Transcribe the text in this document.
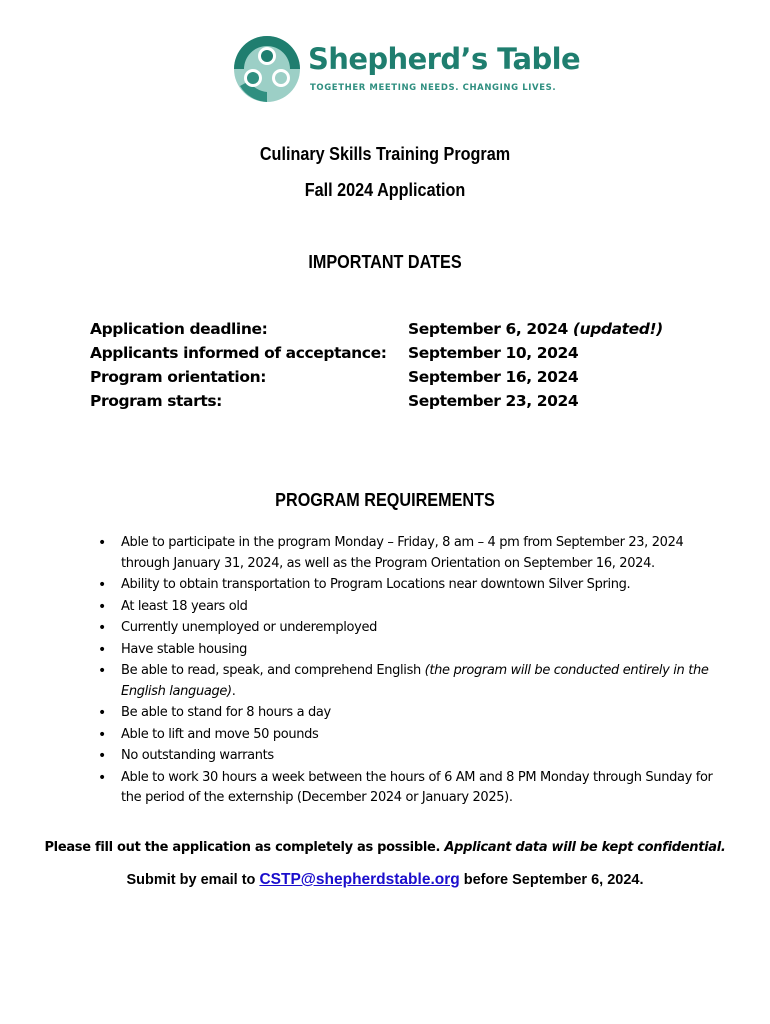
Shepherd’s Table
TOGETHER MEETING NEEDS. CHANGING LIVES.
Culinary Skills Training Program
Fall 2024 Application
IMPORTANT DATES
Application deadline:	September 6, 2024 (updated!)
Applicants informed of acceptance: September 10, 2024
Program orientation:	September 16, 2024
Program starts:	September 23, 2024
PROGRAM REQUIREMENTS
• Able to participate in the program Monday – Friday, 8 am – 4 pm from September 23, 2024 through January 31, 2024, as well as the Program Orientation on September 16, 2024.
• Ability to obtain transportation to Program Locations near downtown Silver Spring.
• At least 18 years old
• Currently unemployed or underemployed
• Have stable housing
• Be able to read, speak, and comprehend English (the program will be conducted entirely in the English language).
• Be able to stand for 8 hours a day
• Able to lift and move 50 pounds
• No outstanding warrants
• Able to work 30 hours a week between the hours of 6 AM and 8 PM Monday through Sunday for the period of the externship (December 2024 or January 2025).
Please fill out the application as completely as possible. Applicant data will be kept confidential.
Submit by email to CSTP@shepherdstable.org before September 6, 2024.
